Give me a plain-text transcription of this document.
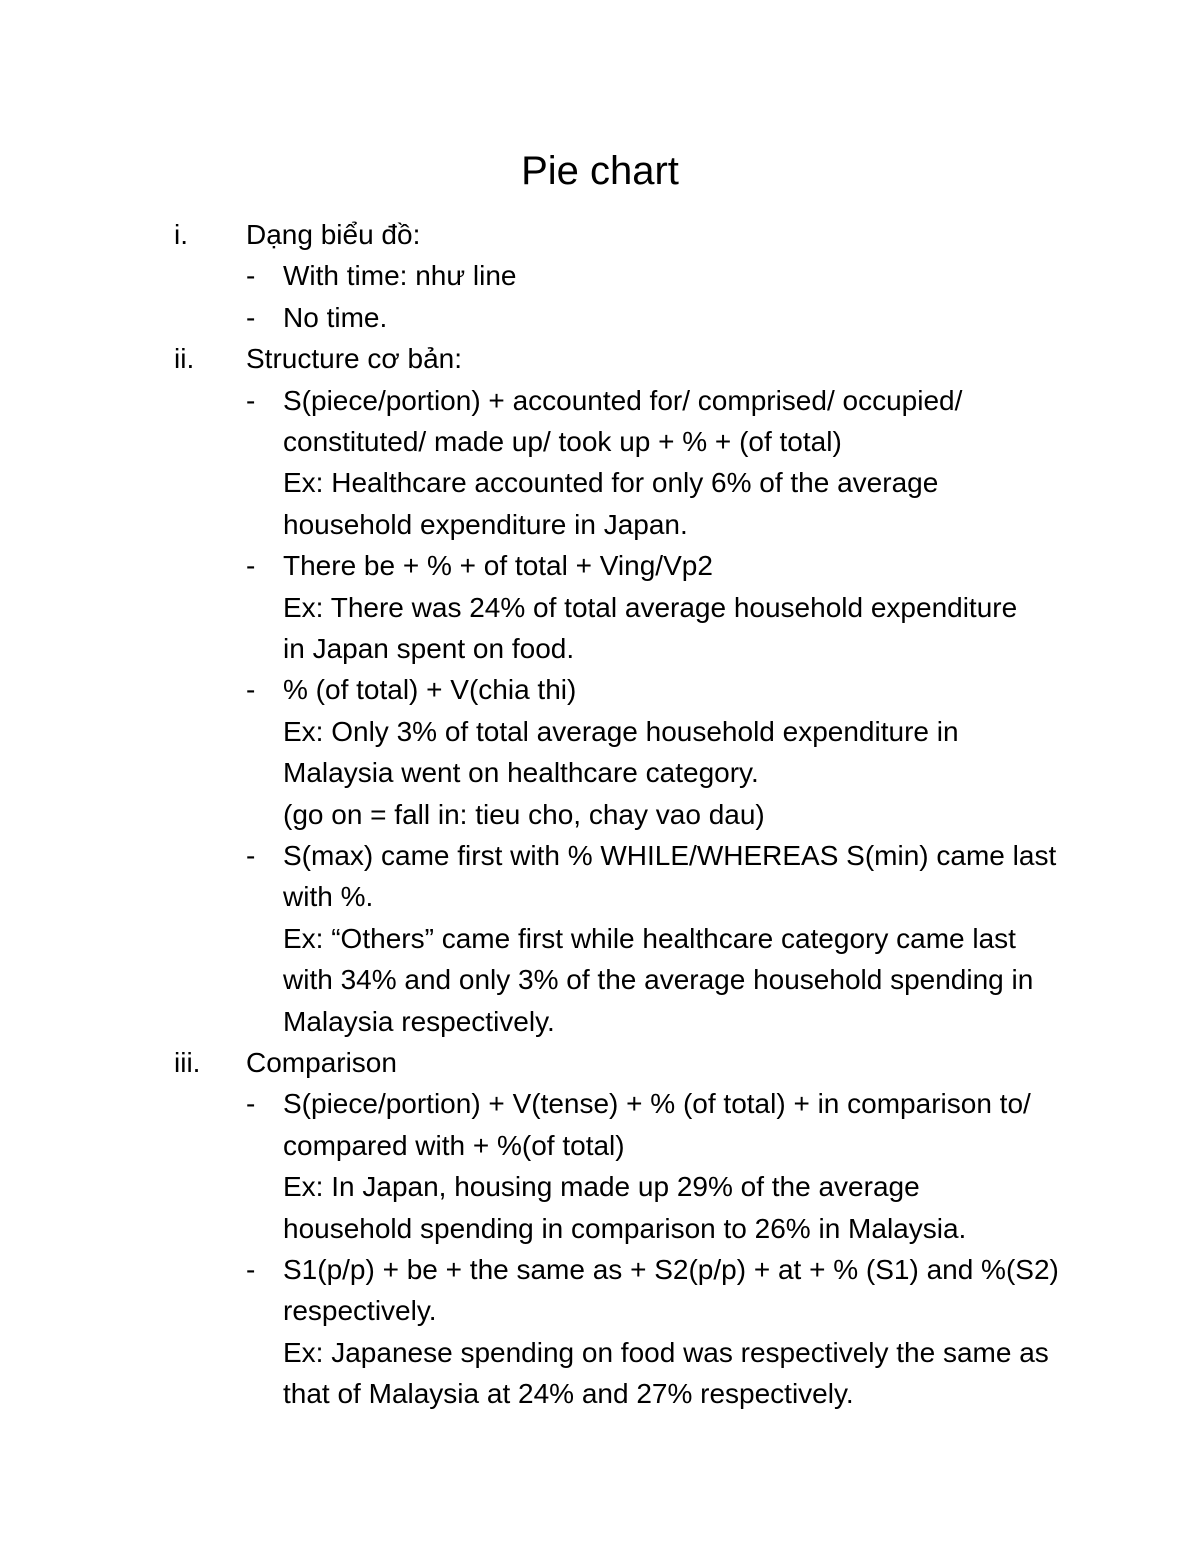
Pie chart
i. Dạng biểu đồ:
- With time: như line
- No time.
ii. Structure cơ bản:
- S(piece/portion) + accounted for/ comprised/ occupied/
constituted/ made up/ took up + % + (of total)
Ex: Healthcare accounted for only 6% of the average
household expenditure in Japan.
- There be + % + of total + Ving/Vp2
Ex: There was 24% of total average household expenditure
in Japan spent on food.
- % (of total) + V(chia thi)
Ex: Only 3% of total average household expenditure in
Malaysia went on healthcare category.
(go on = fall in: tieu cho, chay vao dau)
- S(max) came first with % WHILE/WHEREAS S(min) came last
with %.
Ex: “Others” came first while healthcare category came last
with 34% and only 3% of the average household spending in
Malaysia respectively.
iii. Comparison
- S(piece/portion) + V(tense) + % (of total) + in comparison to/
compared with + %(of total)
Ex: In Japan, housing made up 29% of the average
household spending in comparison to 26% in Malaysia.
- S1(p/p) + be + the same as + S2(p/p) + at + % (S1) and %(S2)
respectively.
Ex: Japanese spending on food was respectively the same as
that of Malaysia at 24% and 27% respectively.
